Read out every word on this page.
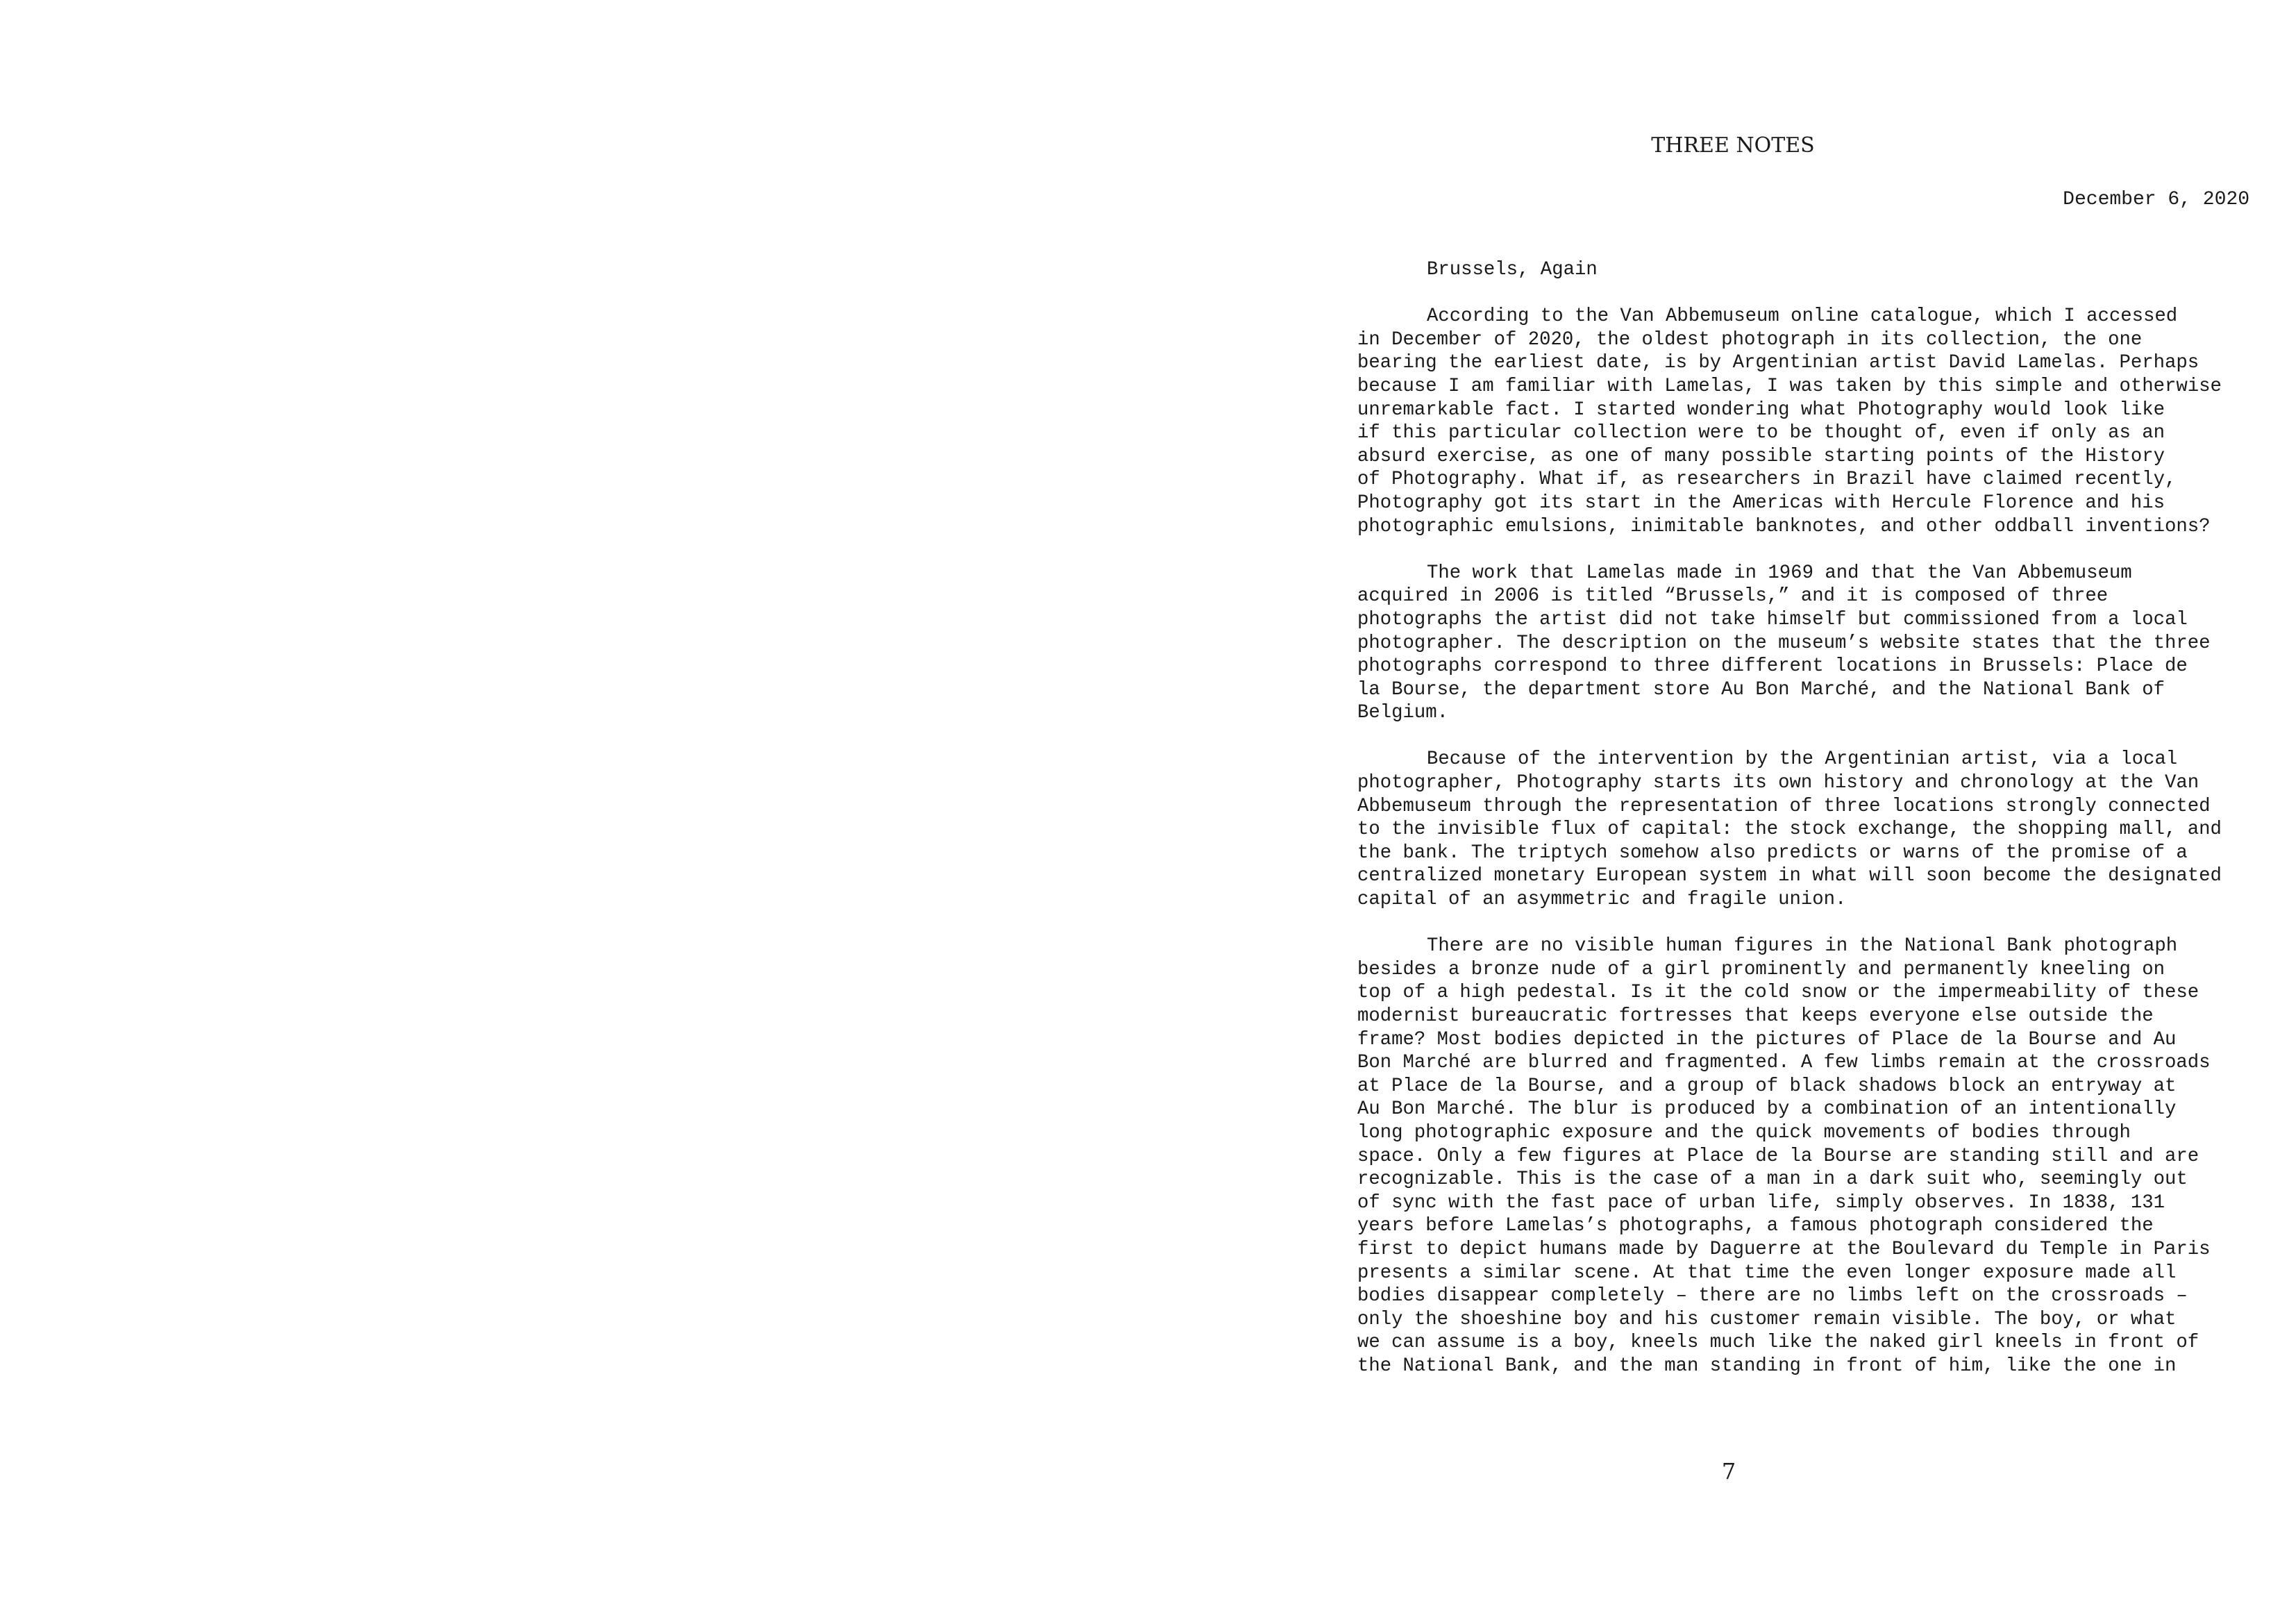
THREE NOTES
December 6, 2020
Brussels, Again
According to the Van Abbemuseum online catalogue, which I accessed
in December of 2020, the oldest photograph in its collection, the one
bearing the earliest date, is by Argentinian artist David Lamelas. Perhaps
because I am familiar with Lamelas, I was taken by this simple and otherwise
unremarkable fact. I started wondering what Photography would look like
if this particular collection were to be thought of, even if only as an
absurd exercise, as one of many possible starting points of the History
of Photography. What if, as researchers in Brazil have claimed recently,
Photography got its start in the Americas with Hercule Florence and his
photographic emulsions, inimitable banknotes, and other oddball inventions?
The work that Lamelas made in 1969 and that the Van Abbemuseum
acquired in 2006 is titled “Brussels,” and it is composed of three
photographs the artist did not take himself but commissioned from a local
photographer. The description on the museum’s website states that the three
photographs correspond to three different locations in Brussels: Place de
la Bourse, the department store Au Bon Marché, and the National Bank of
Belgium.
Because of the intervention by the Argentinian artist, via a local
photographer, Photography starts its own history and chronology at the Van
Abbemuseum through the representation of three locations strongly connected
to the invisible flux of capital: the stock exchange, the shopping mall, and
the bank. The triptych somehow also predicts or warns of the promise of a
centralized monetary European system in what will soon become the designated
capital of an asymmetric and fragile union.
There are no visible human figures in the National Bank photograph
besides a bronze nude of a girl prominently and permanently kneeling on
top of a high pedestal. Is it the cold snow or the impermeability of these
modernist bureaucratic fortresses that keeps everyone else outside the
frame? Most bodies depicted in the pictures of Place de la Bourse and Au
Bon Marché are blurred and fragmented. A few limbs remain at the crossroads
at Place de la Bourse, and a group of black shadows block an entryway at
Au Bon Marché. The blur is produced by a combination of an intentionally
long photographic exposure and the quick movements of bodies through
space. Only a few figures at Place de la Bourse are standing still and are
recognizable. This is the case of a man in a dark suit who, seemingly out
of sync with the fast pace of urban life, simply observes. In 1838, 131
years before Lamelas’s photographs, a famous photograph considered the
first to depict humans made by Daguerre at the Boulevard du Temple in Paris
presents a similar scene. At that time the even longer exposure made all
bodies disappear completely – there are no limbs left on the crossroads –
only the shoeshine boy and his customer remain visible. The boy, or what
we can assume is a boy, kneels much like the naked girl kneels in front of
the National Bank, and the man standing in front of him, like the one in
7
